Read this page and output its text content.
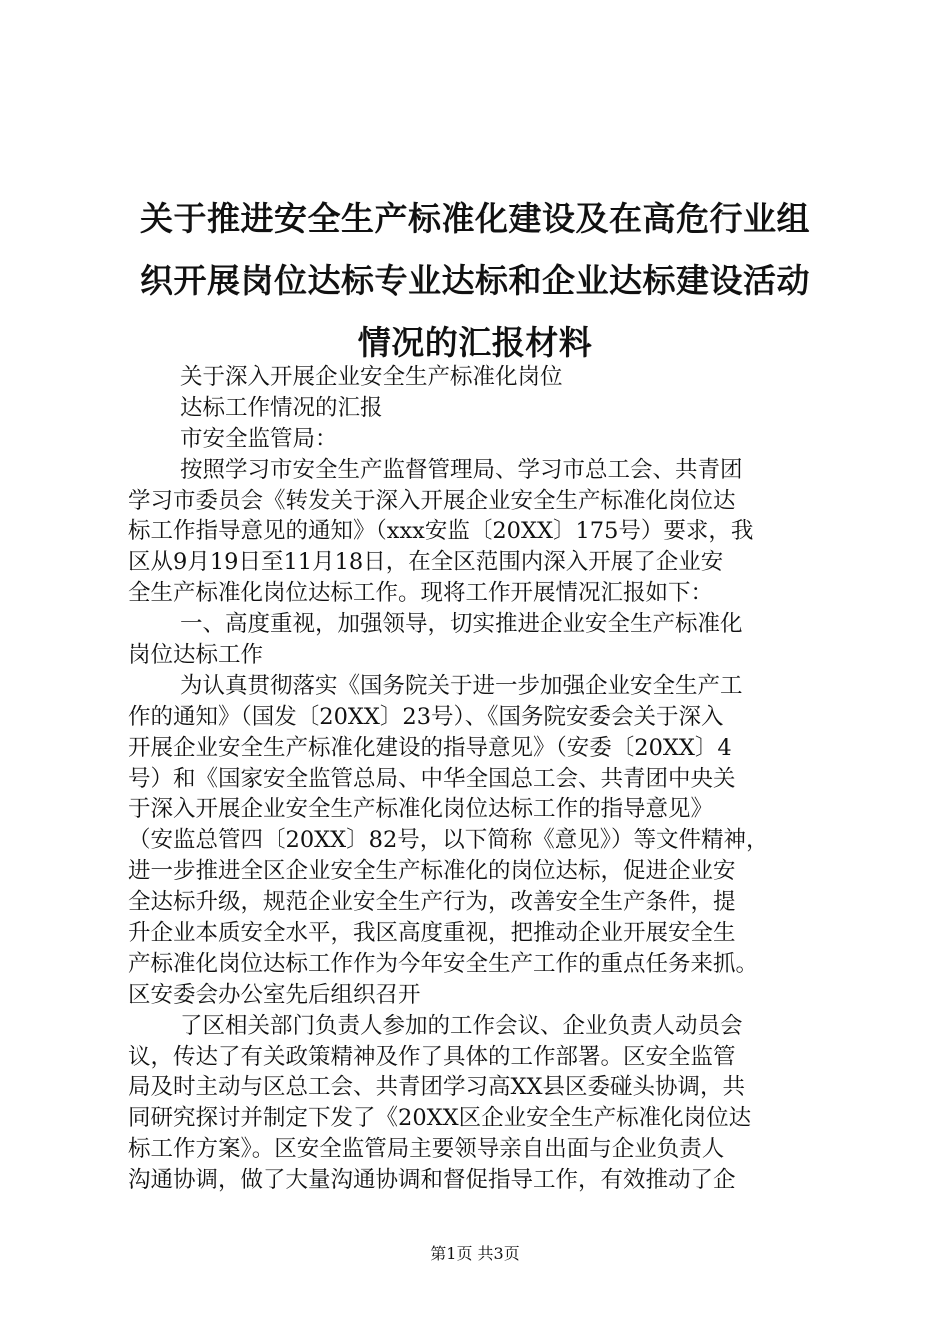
关于推进安全生产标准化建设及在高危行业组
织开展岗位达标专业达标和企业达标建设活动
情况的汇报材料
关于深入开展企业安全生产标准化岗位
达标工作情况的汇报
市安全监管局：
按照学习市安全生产监督管理局、学习市总工会、共青团
学习市委员会《转发关于深入开展企业安全生产标准化岗位达
标工作指导意见的通知》（xxx安监〔20XX〕175号）要求，我
区从9月19日至11月18日，在全区范围内深入开展了企业安
全生产标准化岗位达标工作。现将工作开展情况汇报如下：
一、高度重视，加强领导，切实推进企业安全生产标准化
岗位达标工作
为认真贯彻落实《国务院关于进一步加强企业安全生产工
作的通知》（国发〔20XX〕23号）、《国务院安委会关于深入
开展企业安全生产标准化建设的指导意见》（安委〔20XX〕4
号）和《国家安全监管总局、中华全国总工会、共青团中央关
于深入开展企业安全生产标准化岗位达标工作的指导意见》
（安监总管四〔20XX〕82号，以下简称《意见》）等文件精神，
进一步推进全区企业安全生产标准化的岗位达标，促进企业安
全达标升级，规范企业安全生产行为，改善安全生产条件，提
升企业本质安全水平，我区高度重视，把推动企业开展安全生
产标准化岗位达标工作作为今年安全生产工作的重点任务来抓。
区安委会办公室先后组织召开
了区相关部门负责人参加的工作会议、企业负责人动员会
议，传达了有关政策精神及作了具体的工作部署。区安全监管
局及时主动与区总工会、共青团学习高XX县区委碰头协调，共
同研究探讨并制定下发了《20XX区企业安全生产标准化岗位达
标工作方案》。区安全监管局主要领导亲自出面与企业负责人
沟通协调，做了大量沟通协调和督促指导工作，有效推动了企
第1页 共3页
